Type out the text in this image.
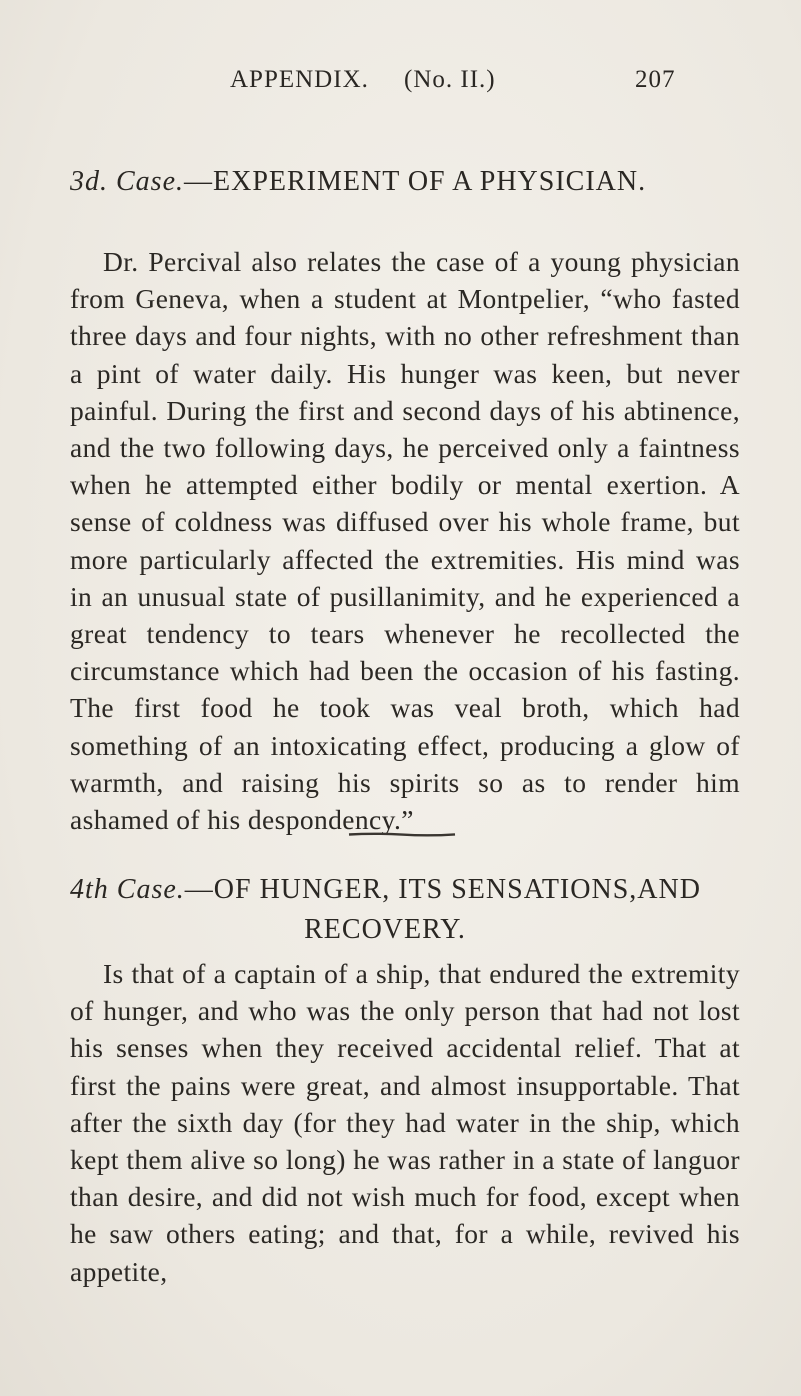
APPENDIX. (No. II.)	207
3d. Case.—EXPERIMENT OF A PHYSICIAN.

Dr. Percival also relates the case of a young physician from Geneva, when a student at Montpelier, “who fasted three days and four nights, with no other refreshment than a pint of water daily. His hunger was keen, but never painful. During the first and second days of his abtinence, and the two following days, he perceived only a faintness when he attempted either bodily or mental exertion. A sense of coldness was diffused over his whole frame, but more particularly affected the extremities. His mind was in an unusual state of pusillanimity, and he experienced a great tendency to tears whenever he recollected the circumstance which had been the occasion of his fasting. The first food he took was veal broth, which had something of an intoxicating effect, producing a glow of warmth, and raising his spirits so as to render him ashamed of his despondency.”

4th Case.—OF HUNGER, ITS SENSATIONS,AND
RECOVERY.

Is that of a captain of a ship, that endured the extremity of hunger, and who was the only person that had not lost his senses when they received accidental relief. That at first the pains were great, and almost insupportable. That after the sixth day (for they had water in the ship, which kept them alive so long) he was rather in a state of languor than desire, and did not wish much for food, except when he saw others eating; and that, for a while, revived his appetite,
